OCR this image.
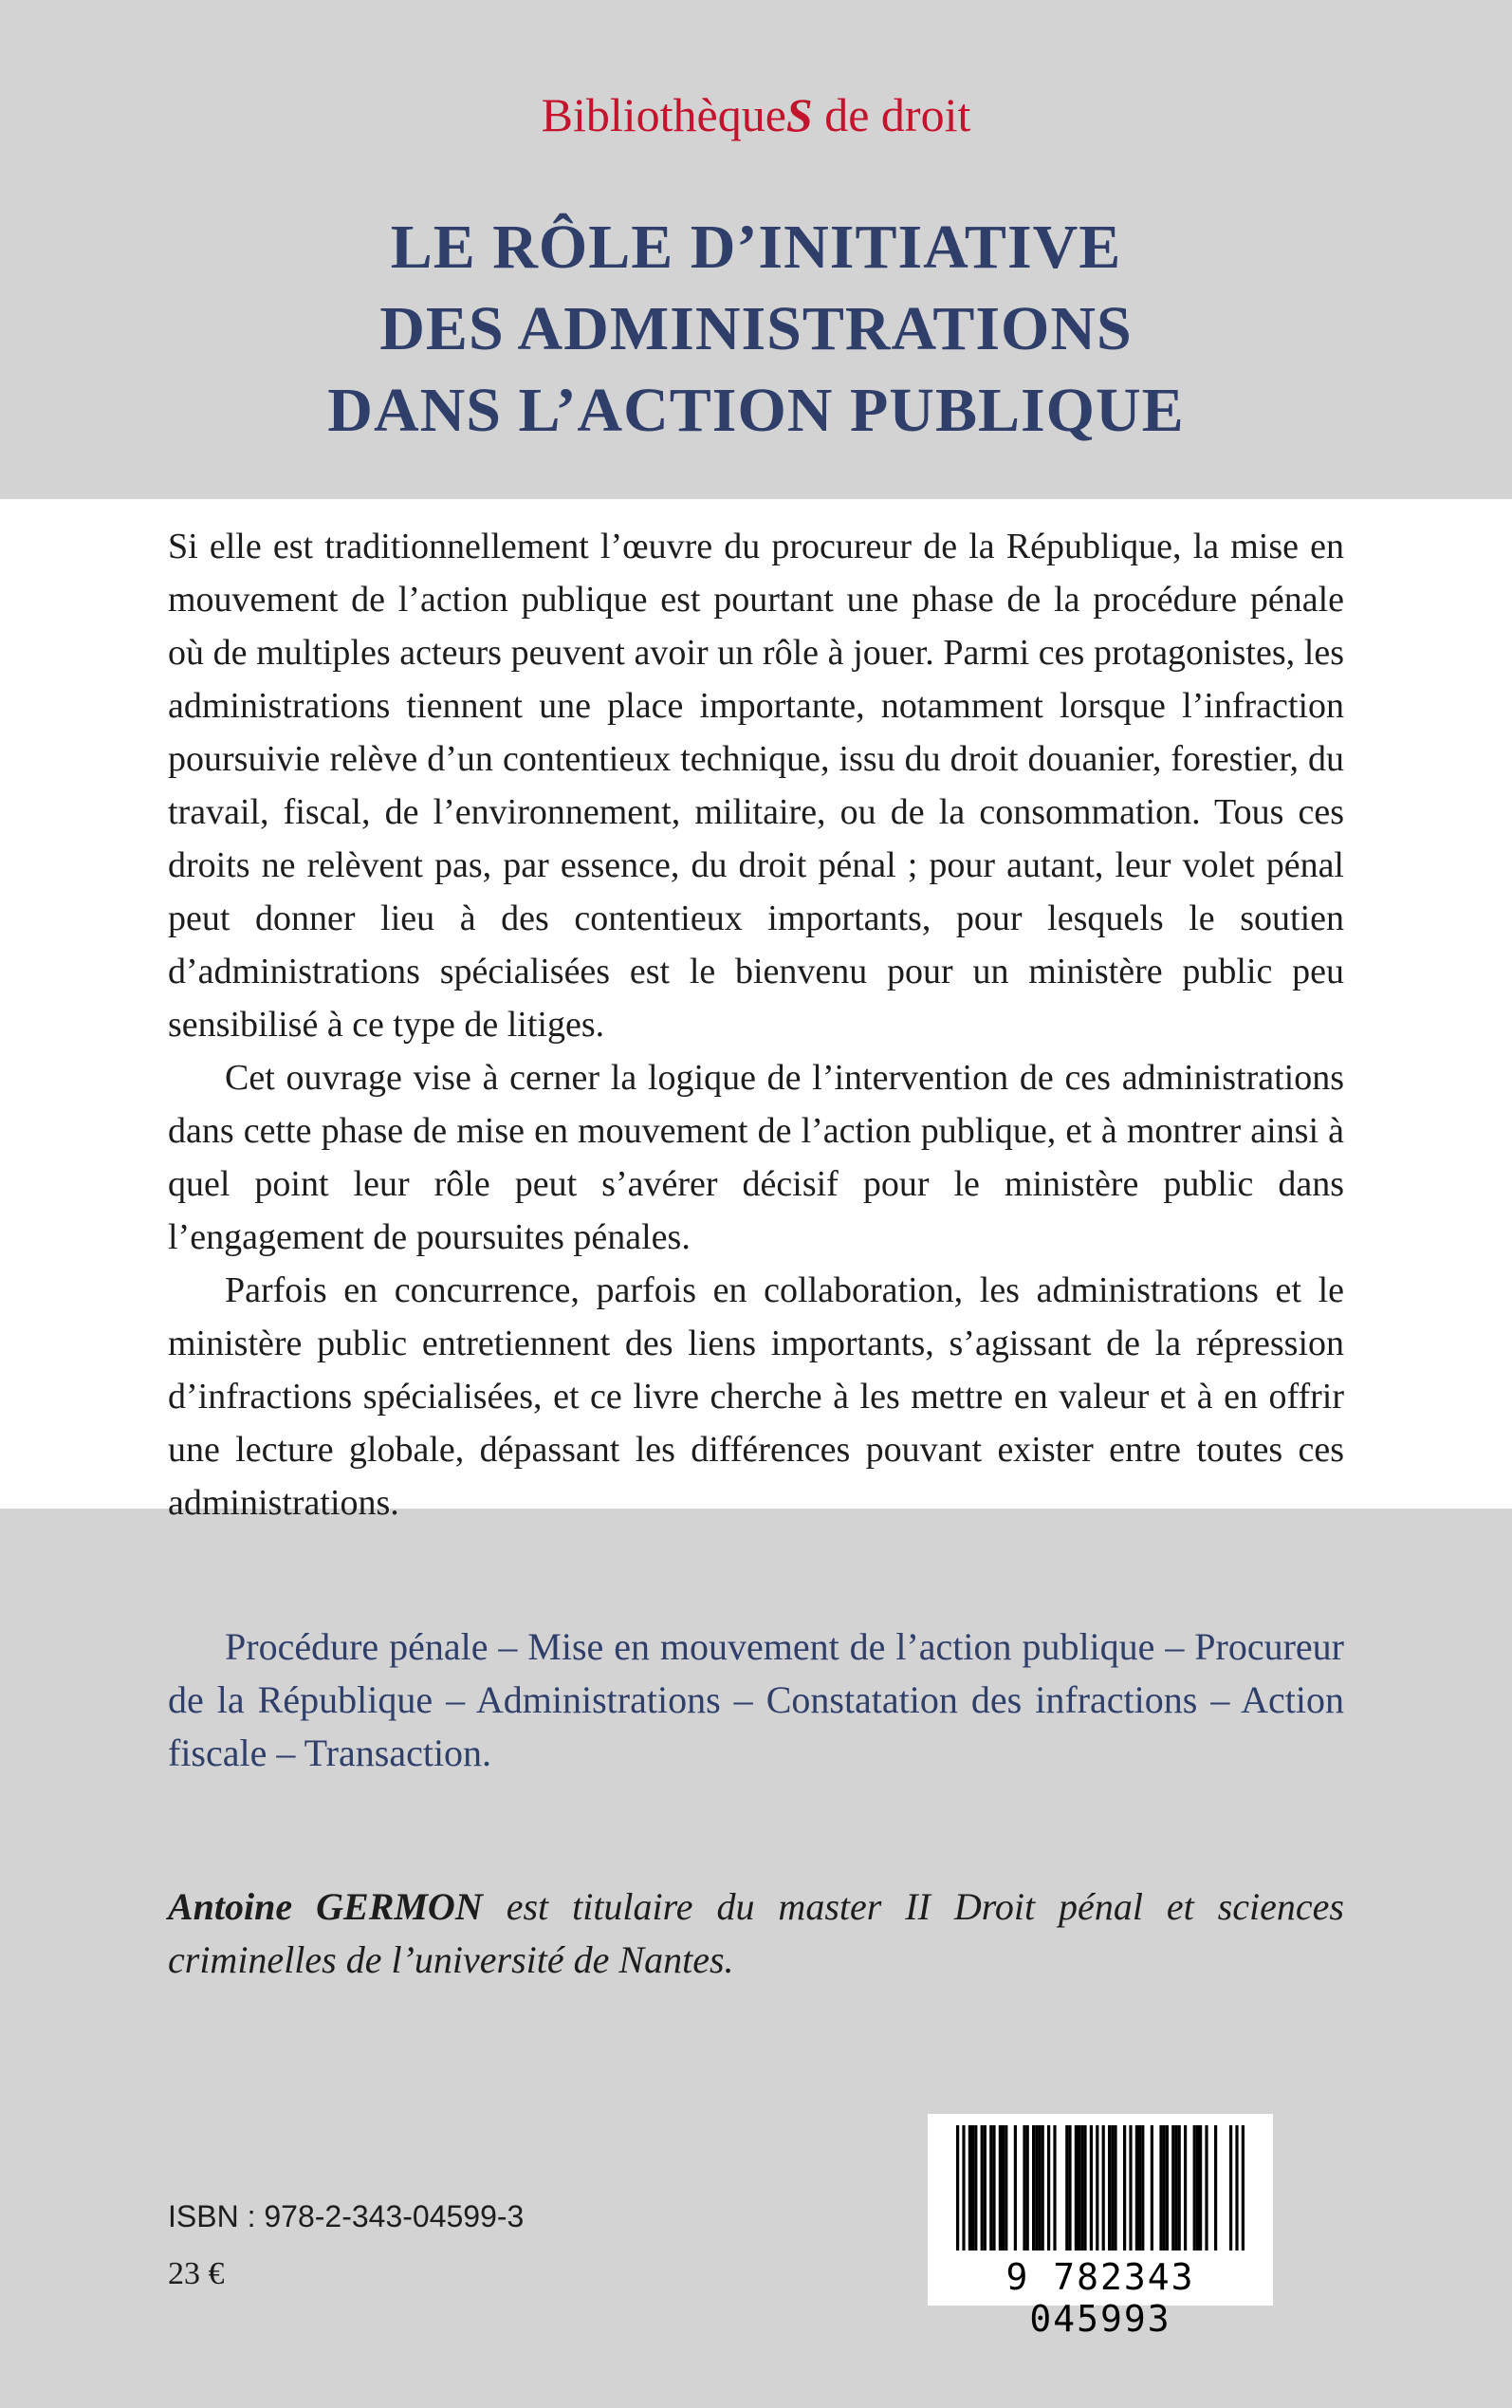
BibliothèqueS de droit
LE RÔLE D’INITIATIVE
DES ADMINISTRATIONS
DANS L’ACTION PUBLIQUE

Si elle est traditionnellement l’œuvre du procureur de la République, la mise en mouvement de l’action publique est pourtant une phase de la procédure pénale où de multiples acteurs peuvent avoir un rôle à jouer. Parmi ces protagonistes, les administrations tiennent une place importante, notamment lorsque l’infraction poursuivie relève d’un contentieux technique, issu du droit douanier, forestier, du travail, fiscal, de l’environnement, militaire, ou de la consommation. Tous ces droits ne relèvent pas, par essence, du droit pénal ; pour autant, leur volet pénal peut donner lieu à des contentieux importants, pour lesquels le soutien d’administrations spécialisées est le bienvenu pour un ministère public peu sensibilisé à ce type de litiges.

Cet ouvrage vise à cerner la logique de l’intervention de ces administrations dans cette phase de mise en mouvement de l’action publique, et à montrer ainsi à quel point leur rôle peut s’avérer décisif pour le ministère public dans l’engagement de poursuites pénales.

Parfois en concurrence, parfois en collaboration, les administrations et le ministère public entretiennent des liens importants, s’agissant de la répression d’infractions spécialisées, et ce livre cherche à les mettre en valeur et à en offrir une lecture globale, dépassant les différences pouvant exister entre toutes ces administrations.

Procédure pénale – Mise en mouvement de l’action publique – Procureur de la République – Administrations – Constatation des infractions – Action fiscale – Transaction.
Antoine GERMON est titulaire du master II Droit pénal et sciences criminelles de l’université de Nantes.
ISBN : 978-2-343-04599-3
23 €	9 782343 045993
